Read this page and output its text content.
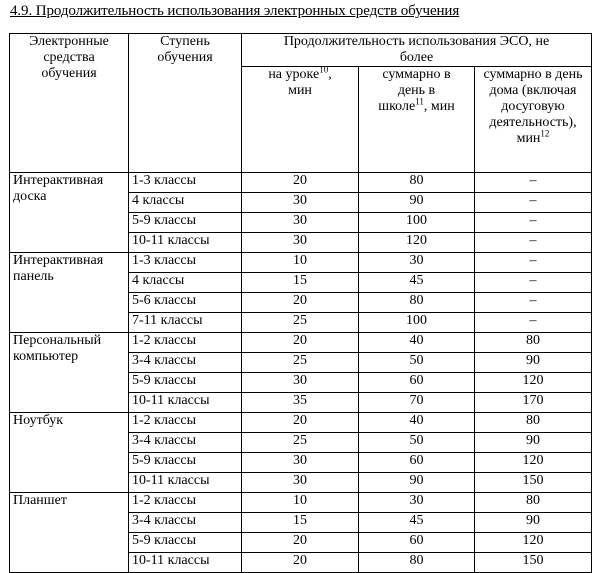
4.9. Продолжительность использования электронных средств обучения
Электронные средства обучения	Ступень обучения	Продолжительность использования ЭСО, не более		
		на уроке$^{10}$, мин	суммарно в день в школе$^{11}$, мин	суммарно в день дома (включая досуговую деятельность), мин$^{12}$
Интерактивная доска	1-3 классы	20	80	–
	4 классы	30	90	–
	5-9 классы	30	100	–
	10-11 классы	30	120	–
Интерактивная панель	1-3 классы	10	30	–
	4 классы	15	45	–
	5-6 классы	20	80	–
	7-11 классы	25	100	–
Персональный компьютер	1-2 классы	20	40	80
	3-4 классы	25	50	90
	5-9 классы	30	60	120
	10-11 классы	35	70	170
Ноутбук	1-2 классы	20	40	80
	3-4 классы	25	50	90
	5-9 классы	30	60	120
	10-11 классы	30	90	150
Планшет	1-2 классы	10	30	80
	3-4 классы	15	45	90
	5-9 классы	20	60	120
	10-11 классы	20	80	150
